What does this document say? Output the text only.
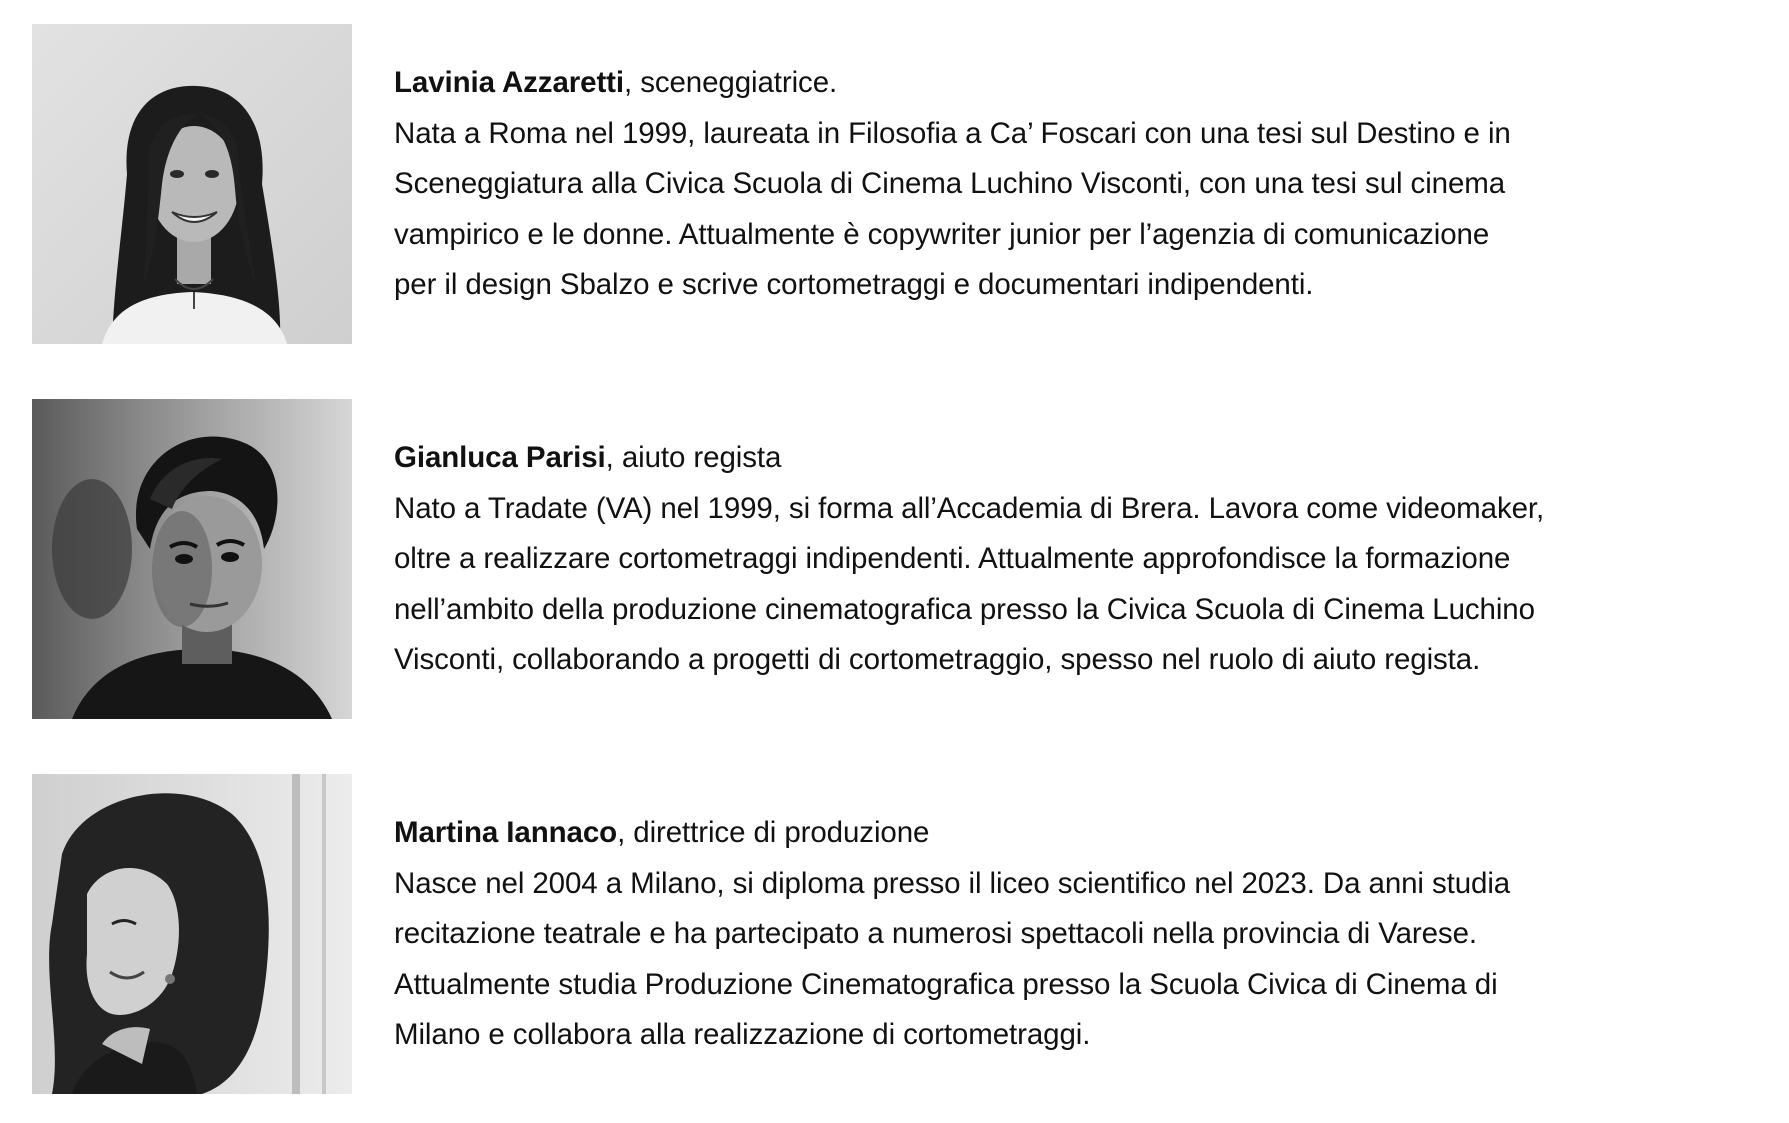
Lavinia Azzaretti, sceneggiatrice.
Nata a Roma nel 1999, laureata in Filosofia a Ca’ Foscari con una tesi sul Destino e in
Sceneggiatura alla Civica Scuola di Cinema Luchino Visconti, con una tesi sul cinema
vampirico e le donne. Attualmente è copywriter junior per l’agenzia di comunicazione
per il design Sbalzo e scrive cortometraggi e documentari indipendenti.
Gianluca Parisi, aiuto regista
Nato a Tradate (VA) nel 1999, si forma all’Accademia di Brera. Lavora come videomaker,
oltre a realizzare cortometraggi indipendenti. Attualmente approfondisce la formazione
nell’ambito della produzione cinematografica presso la Civica Scuola di Cinema Luchino
Visconti, collaborando a progetti di cortometraggio, spesso nel ruolo di aiuto regista.
Martina Iannaco, direttrice di produzione
Nasce nel 2004 a Milano, si diploma presso il liceo scientifico nel 2023. Da anni studia
recitazione teatrale e ha partecipato a numerosi spettacoli nella provincia di Varese.
Attualmente studia Produzione Cinematografica presso la Scuola Civica di Cinema di
Milano e collabora alla realizzazione di cortometraggi.
